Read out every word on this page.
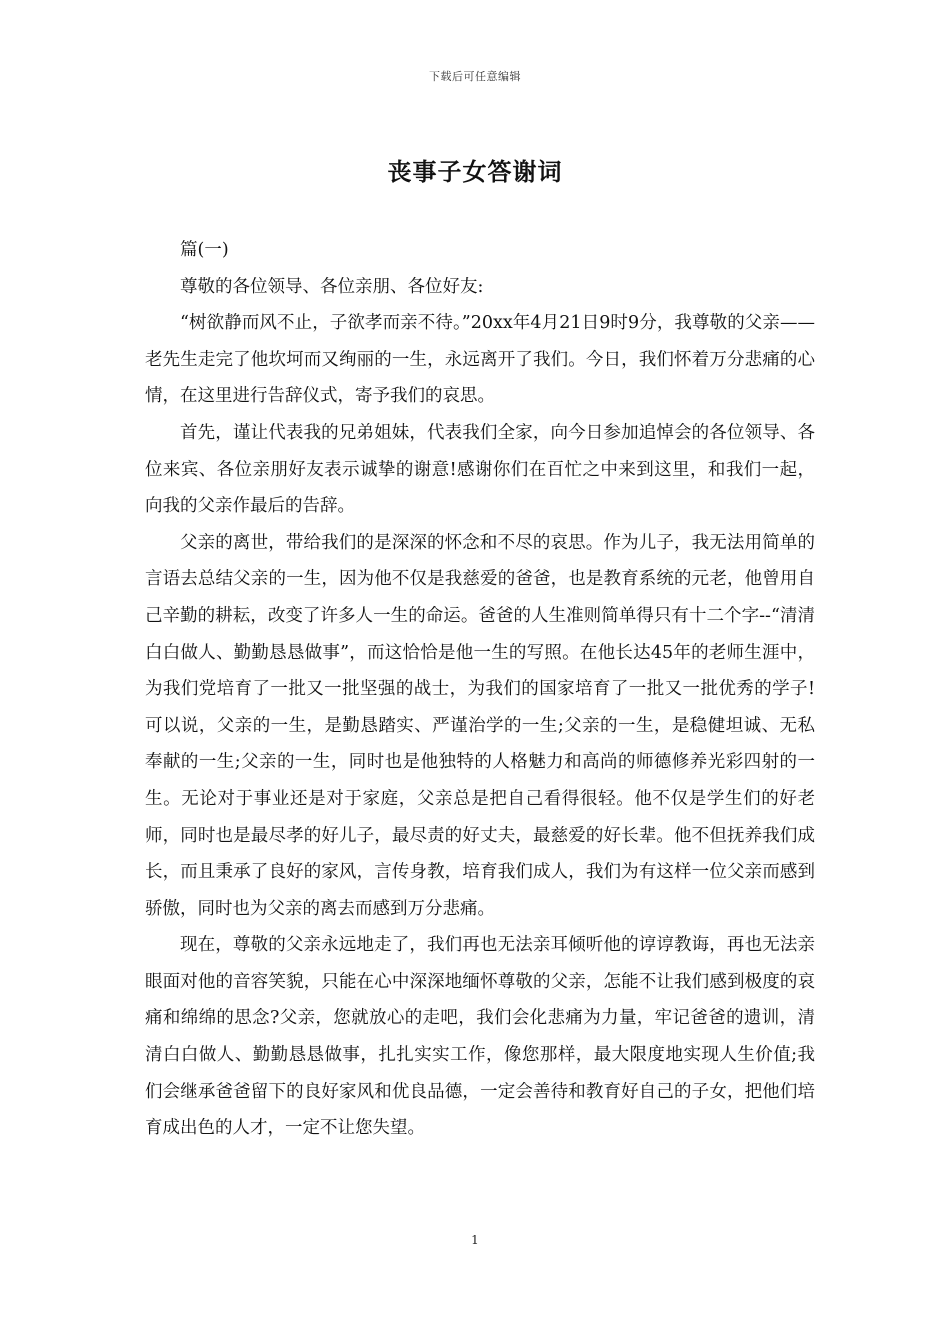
下载后可任意编辑
丧事子女答谢词

篇(一)

尊敬的各位领导、各位亲朋、各位好友:

“树欲静而风不止，子欲孝而亲不待。”20xx年4月21日9时9分，我尊敬的父亲——老先生走完了他坎坷而又绚丽的一生，永远离开了我们。今日，我们怀着万分悲痛的心情，在这里进行告辞仪式，寄予我们的哀思。

首先，谨让代表我的兄弟姐妹，代表我们全家，向今日参加追悼会的各位领导、各位来宾、各位亲朋好友表示诚挚的谢意!感谢你们在百忙之中来到这里，和我们一起，向我的父亲作最后的告辞。

父亲的离世，带给我们的是深深的怀念和不尽的哀思。作为儿子，我无法用简单的言语去总结父亲的一生，因为他不仅是我慈爱的爸爸，也是教育系统的元老，他曾用自己辛勤的耕耘，改变了许多人一生的命运。爸爸的人生准则简单得只有十二个字--“清清白白做人、勤勤恳恳做事”，而这恰恰是他一生的写照。在他长达45年的老师生涯中，为我们党培育了一批又一批坚强的战士，为我们的国家培育了一批又一批优秀的学子!可以说，父亲的一生，是勤恳踏实、严谨治学的一生;父亲的一生，是稳健坦诚、无私奉献的一生;父亲的一生，同时也是他独特的人格魅力和高尚的师德修养光彩四射的一生。无论对于事业还是对于家庭，父亲总是把自己看得很轻。他不仅是学生们的好老师，同时也是最尽孝的好儿子，最尽责的好丈夫，最慈爱的好长辈。他不但抚养我们成长，而且秉承了良好的家风，言传身教，培育我们成人，我们为有这样一位父亲而感到骄傲，同时也为父亲的离去而感到万分悲痛。

现在，尊敬的父亲永远地走了，我们再也无法亲耳倾听他的谆谆教诲，再也无法亲眼面对他的音容笑貌，只能在心中深深地缅怀尊敬的父亲，怎能不让我们感到极度的哀痛和绵绵的思念?父亲，您就放心的走吧，我们会化悲痛为力量，牢记爸爸的遗训，清清白白做人、勤勤恳恳做事，扎扎实实工作，像您那样，最大限度地实现人生价值;我们会继承爸爸留下的良好家风和优良品德，一定会善待和教育好自己的子女，把他们培育成出色的人才，一定不让您失望。

1
